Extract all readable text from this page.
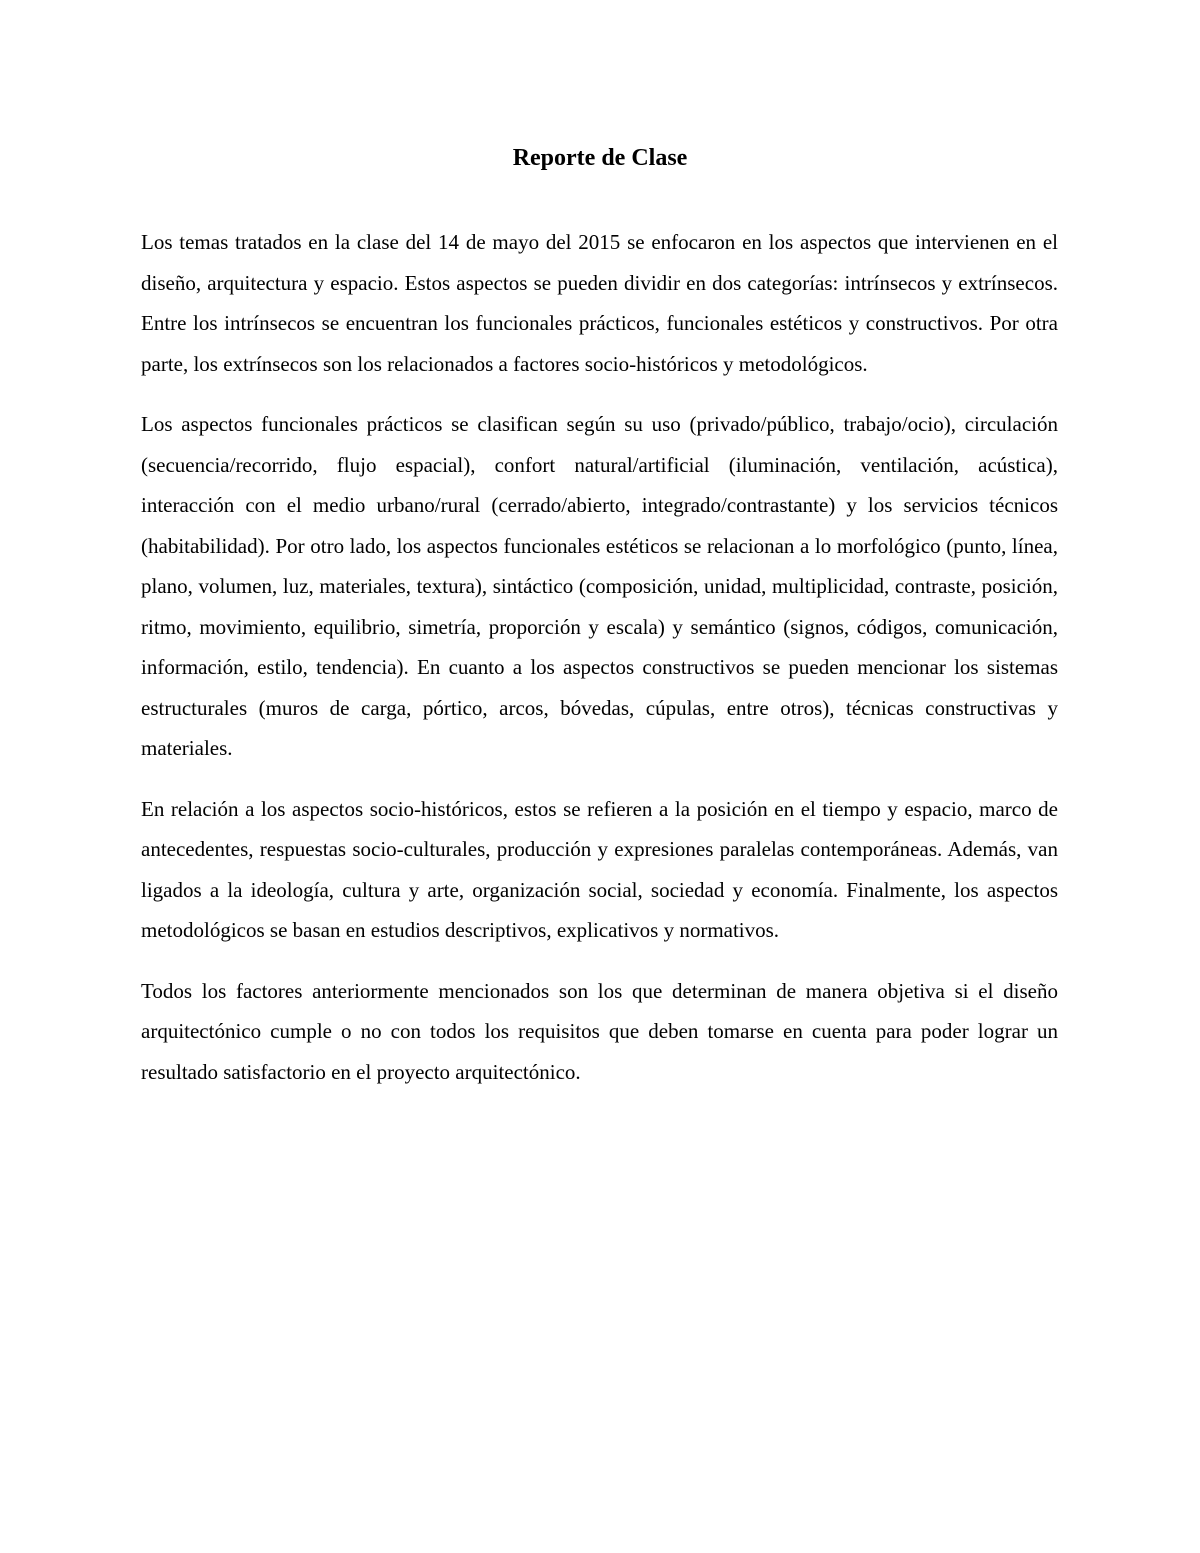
Reporte de Clase

Los temas tratados en la clase del 14 de mayo del 2015 se enfocaron en los aspectos que intervienen en el diseño, arquitectura y espacio. Estos aspectos se pueden dividir en dos categorías: intrínsecos y extrínsecos. Entre los intrínsecos se encuentran los funcionales prácticos, funcionales estéticos y constructivos. Por otra parte, los extrínsecos son los relacionados a factores socio-históricos y metodológicos.

Los aspectos funcionales prácticos se clasifican según su uso (privado/público, trabajo/ocio), circulación (secuencia/recorrido, flujo espacial), confort natural/artificial (iluminación, ventilación, acústica), interacción con el medio urbano/rural (cerrado/abierto, integrado/contrastante) y los servicios técnicos (habitabilidad). Por otro lado, los aspectos funcionales estéticos se relacionan a lo morfológico (punto, línea, plano, volumen, luz, materiales, textura), sintáctico (composición, unidad, multiplicidad, contraste, posición, ritmo, movimiento, equilibrio, simetría, proporción y escala) y semántico (signos, códigos, comunicación, información, estilo, tendencia). En cuanto a los aspectos constructivos se pueden mencionar los sistemas estructurales (muros de carga, pórtico, arcos, bóvedas, cúpulas, entre otros), técnicas constructivas y materiales.

En relación a los aspectos socio-históricos, estos se refieren a la posición en el tiempo y espacio, marco de antecedentes, respuestas socio-culturales, producción y expresiones paralelas contemporáneas. Además, van ligados a la ideología, cultura y arte, organización social, sociedad y economía. Finalmente, los aspectos metodológicos se basan en estudios descriptivos, explicativos y normativos.

Todos los factores anteriormente mencionados son los que determinan de manera objetiva si el diseño arquitectónico cumple o no con todos los requisitos que deben tomarse en cuenta para poder lograr un resultado satisfactorio en el proyecto arquitectónico.
